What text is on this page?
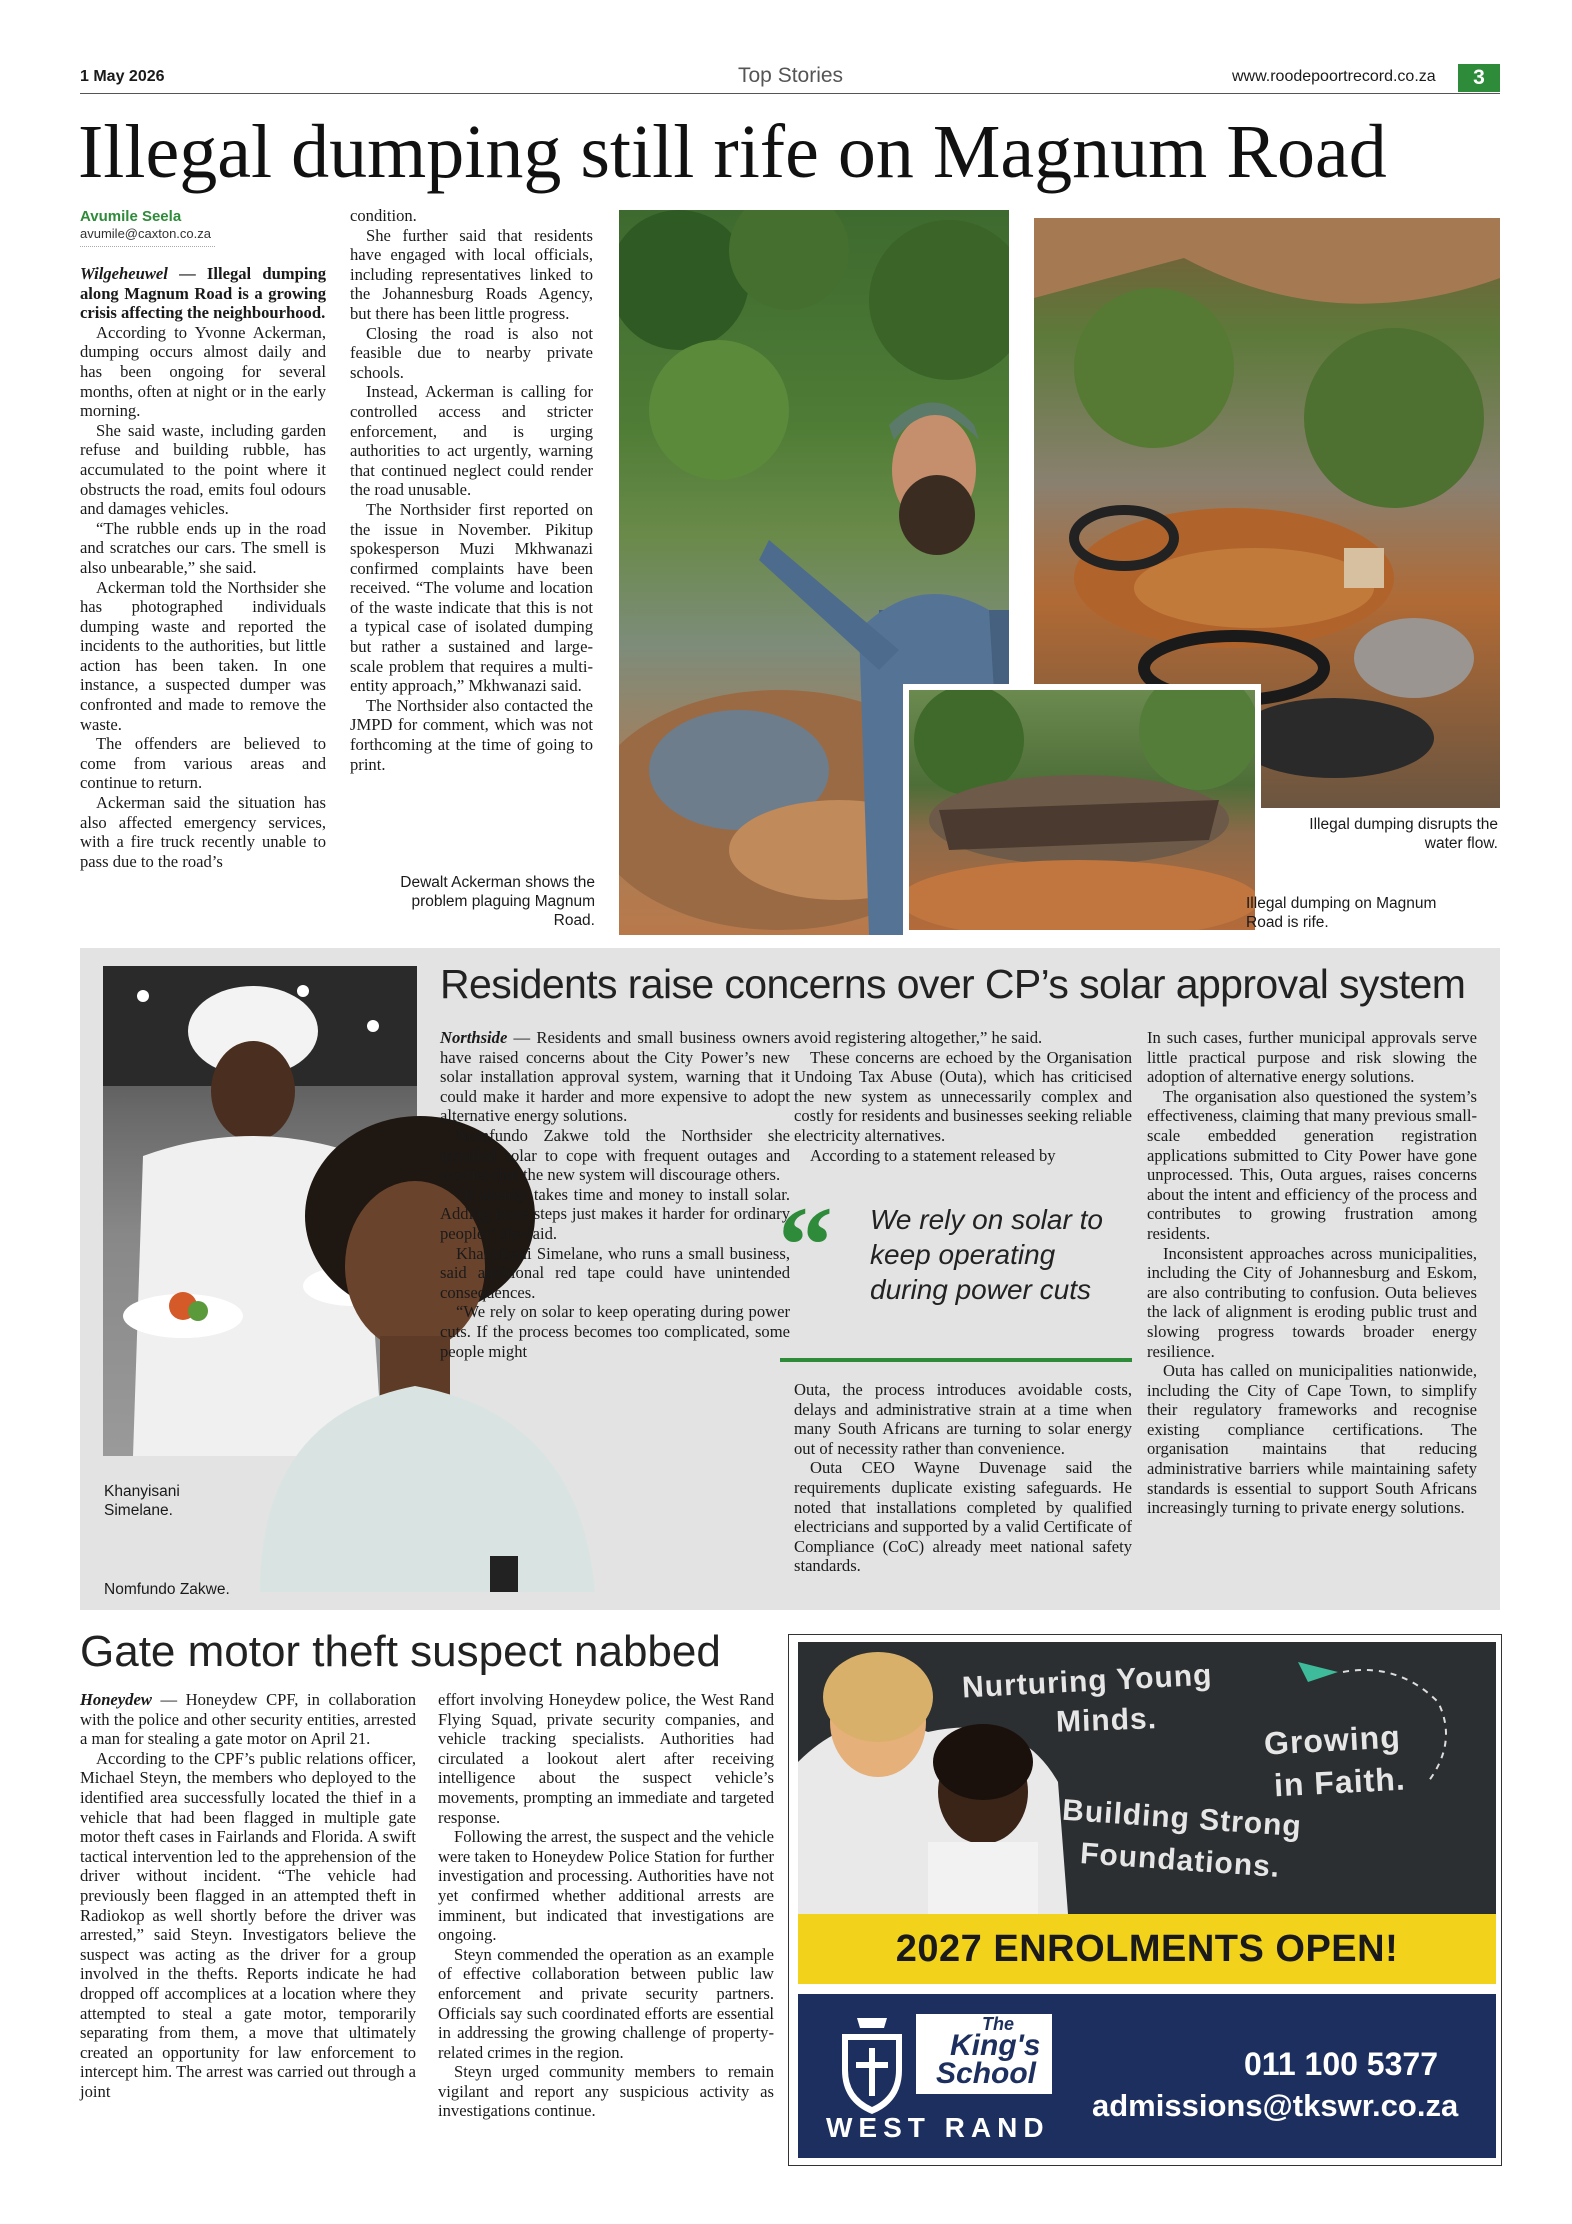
1 May 2026	Top Stories	www.roodepoortrecord.co.za	3
Illegal dumping still rife on Magnum Road
Avumile Seela
avumile@caxton.co.za

Wilgeheuwel — Illegal dumping along Magnum Road is a growing crisis affecting the neighbourhood.

According to Yvonne Ackerman, dumping occurs almost daily and has been ongoing for several months, often at night or in the early morning.

She said waste, including garden refuse and building rubble, has accumulated to the point where it obstructs the road, emits foul odours and damages vehicles.

“The rubble ends up in the road and scratches our cars. The smell is also unbearable,” she said.

Ackerman told the Northsider she has photographed individuals dumping waste and reported the incidents to the authorities, but little action has been taken. In one instance, a suspected dumper was confronted and made to remove the waste.

The offenders are believed to come from various areas and continue to return.

Ackerman said the situation has also affected emergency services, with a fire truck recently unable to pass due to the road’s

condition.

She further said that residents have engaged with local officials, including representatives linked to the Johannesburg Roads Agency, but there has been little progress.

Closing the road is also not feasible due to nearby private schools.

Instead, Ackerman is calling for controlled access and stricter enforcement, and is urging authorities to act urgently, warning that continued neglect could render the road unusable.

The Northsider first reported on the issue in November. Pikitup spokesperson Muzi Mkhwanazi confirmed complaints have been received. “The volume and location of the waste indicate that this is not a typical case of isolated dumping but rather a sustained and large-scale problem that requires a multi-entity approach,” Mkhwanazi said.

The Northsider also contacted the JMPD for comment, which was not forthcoming at the time of going to print.

Dewalt Ackerman shows the problem plaguing Magnum Road.
Illegal dumping disrupts the water flow.
Illegal dumping on Magnum Road is rife.
Khanyisani Simelane.
Nomfundo Zakwe.
Residents raise concerns over CP’s solar approval system

Northside — Residents and small business owners have raised concerns about the City Power’s new solar installation approval system, warning that it could make it harder and more expensive to adopt alternative energy solutions.

Nomfundo Zakwe told the Northsider she installed solar to cope with frequent outages and worries that the new system will discourage others.

“It already takes time and money to install solar. Adding more steps just makes it harder for ordinary people,” she said.

Khanyisani Simelane, who runs a small business, said additional red tape could have unintended consequences.

“We rely on solar to keep operating during power cuts. If the process becomes too complicated, some people might

avoid registering altogether,” he said.

These concerns are echoed by the Organisation Undoing Tax Abuse (Outa), which has criticised the new system as unnecessarily complex and costly for residents and businesses seeking reliable electricity alternatives.

According to a statement released by

“ We rely on solar to keep operating during power cuts

Outa, the process introduces avoidable costs, delays and administrative strain at a time when many South Africans are turning to solar energy out of necessity rather than convenience.

Outa CEO Wayne Duvenage said the requirements duplicate existing safeguards. He noted that installations completed by qualified electricians and supported by a valid Certificate of Compliance (CoC) already meet national safety standards.

In such cases, further municipal approvals serve little practical purpose and risk slowing the adoption of alternative energy solutions.

The organisation also questioned the system’s effectiveness, claiming that many previous small-scale embedded generation registration applications submitted to City Power have gone unprocessed. This, Outa argues, raises concerns about the intent and efficiency of the process and contributes to growing frustration among residents.

Inconsistent approaches across municipalities, including the City of Johannesburg and Eskom, are also contributing to confusion. Outa believes the lack of alignment is eroding public trust and slowing progress towards broader energy resilience.

Outa has called on municipalities nationwide, including the City of Cape Town, to simplify their regulatory frameworks and recognise existing compliance certifications. The organisation maintains that reducing administrative barriers while maintaining safety standards is essential to support South Africans increasingly turning to private energy solutions.

Gate motor theft suspect nabbed

Honeydew — Honeydew CPF, in collaboration with the police and other security entities, arrested a man for stealing a gate motor on April 21.

According to the CPF’s public relations officer, Michael Steyn, the members who deployed to the identified area successfully located the thief in a vehicle that had been flagged in multiple gate motor theft cases in Fairlands and Florida. A swift tactical intervention led to the apprehension of the driver without incident. “The vehicle had previously been flagged in an attempted theft in Radiokop as well shortly before the driver was arrested,” said Steyn. Investigators believe the suspect was acting as the driver for a group involved in the thefts. Reports indicate he had dropped off accomplices at a location where they attempted to steal a gate motor, temporarily separating from them, a move that ultimately created an opportunity for law enforcement to intercept him. The arrest was carried out through a joint

effort involving Honeydew police, the West Rand Flying Squad, private security companies, and vehicle tracking specialists. Authorities had circulated a lookout alert after receiving intelligence about the suspect vehicle’s movements, prompting an immediate and targeted response.

Following the arrest, the suspect and the vehicle were taken to Honeydew Police Station for further investigation and processing. Authorities have not yet confirmed whether additional arrests are imminent, but indicated that investigations are ongoing.

Steyn commended the operation as an example of effective collaboration between public law enforcement and private security partners. Officials say such coordinated efforts are essential in addressing the growing challenge of property-related crimes in the region.

Steyn urged community members to remain vigilant and report any suspicious activity as investigations continue.

Nurturing Young
Minds.	Growing
in Faith.
Building Strong
Foundations.
2027 ENROLMENTS OPEN!
The
King's
School
WEST RAND
011 100 5377
admissions@tkswr.co.za
